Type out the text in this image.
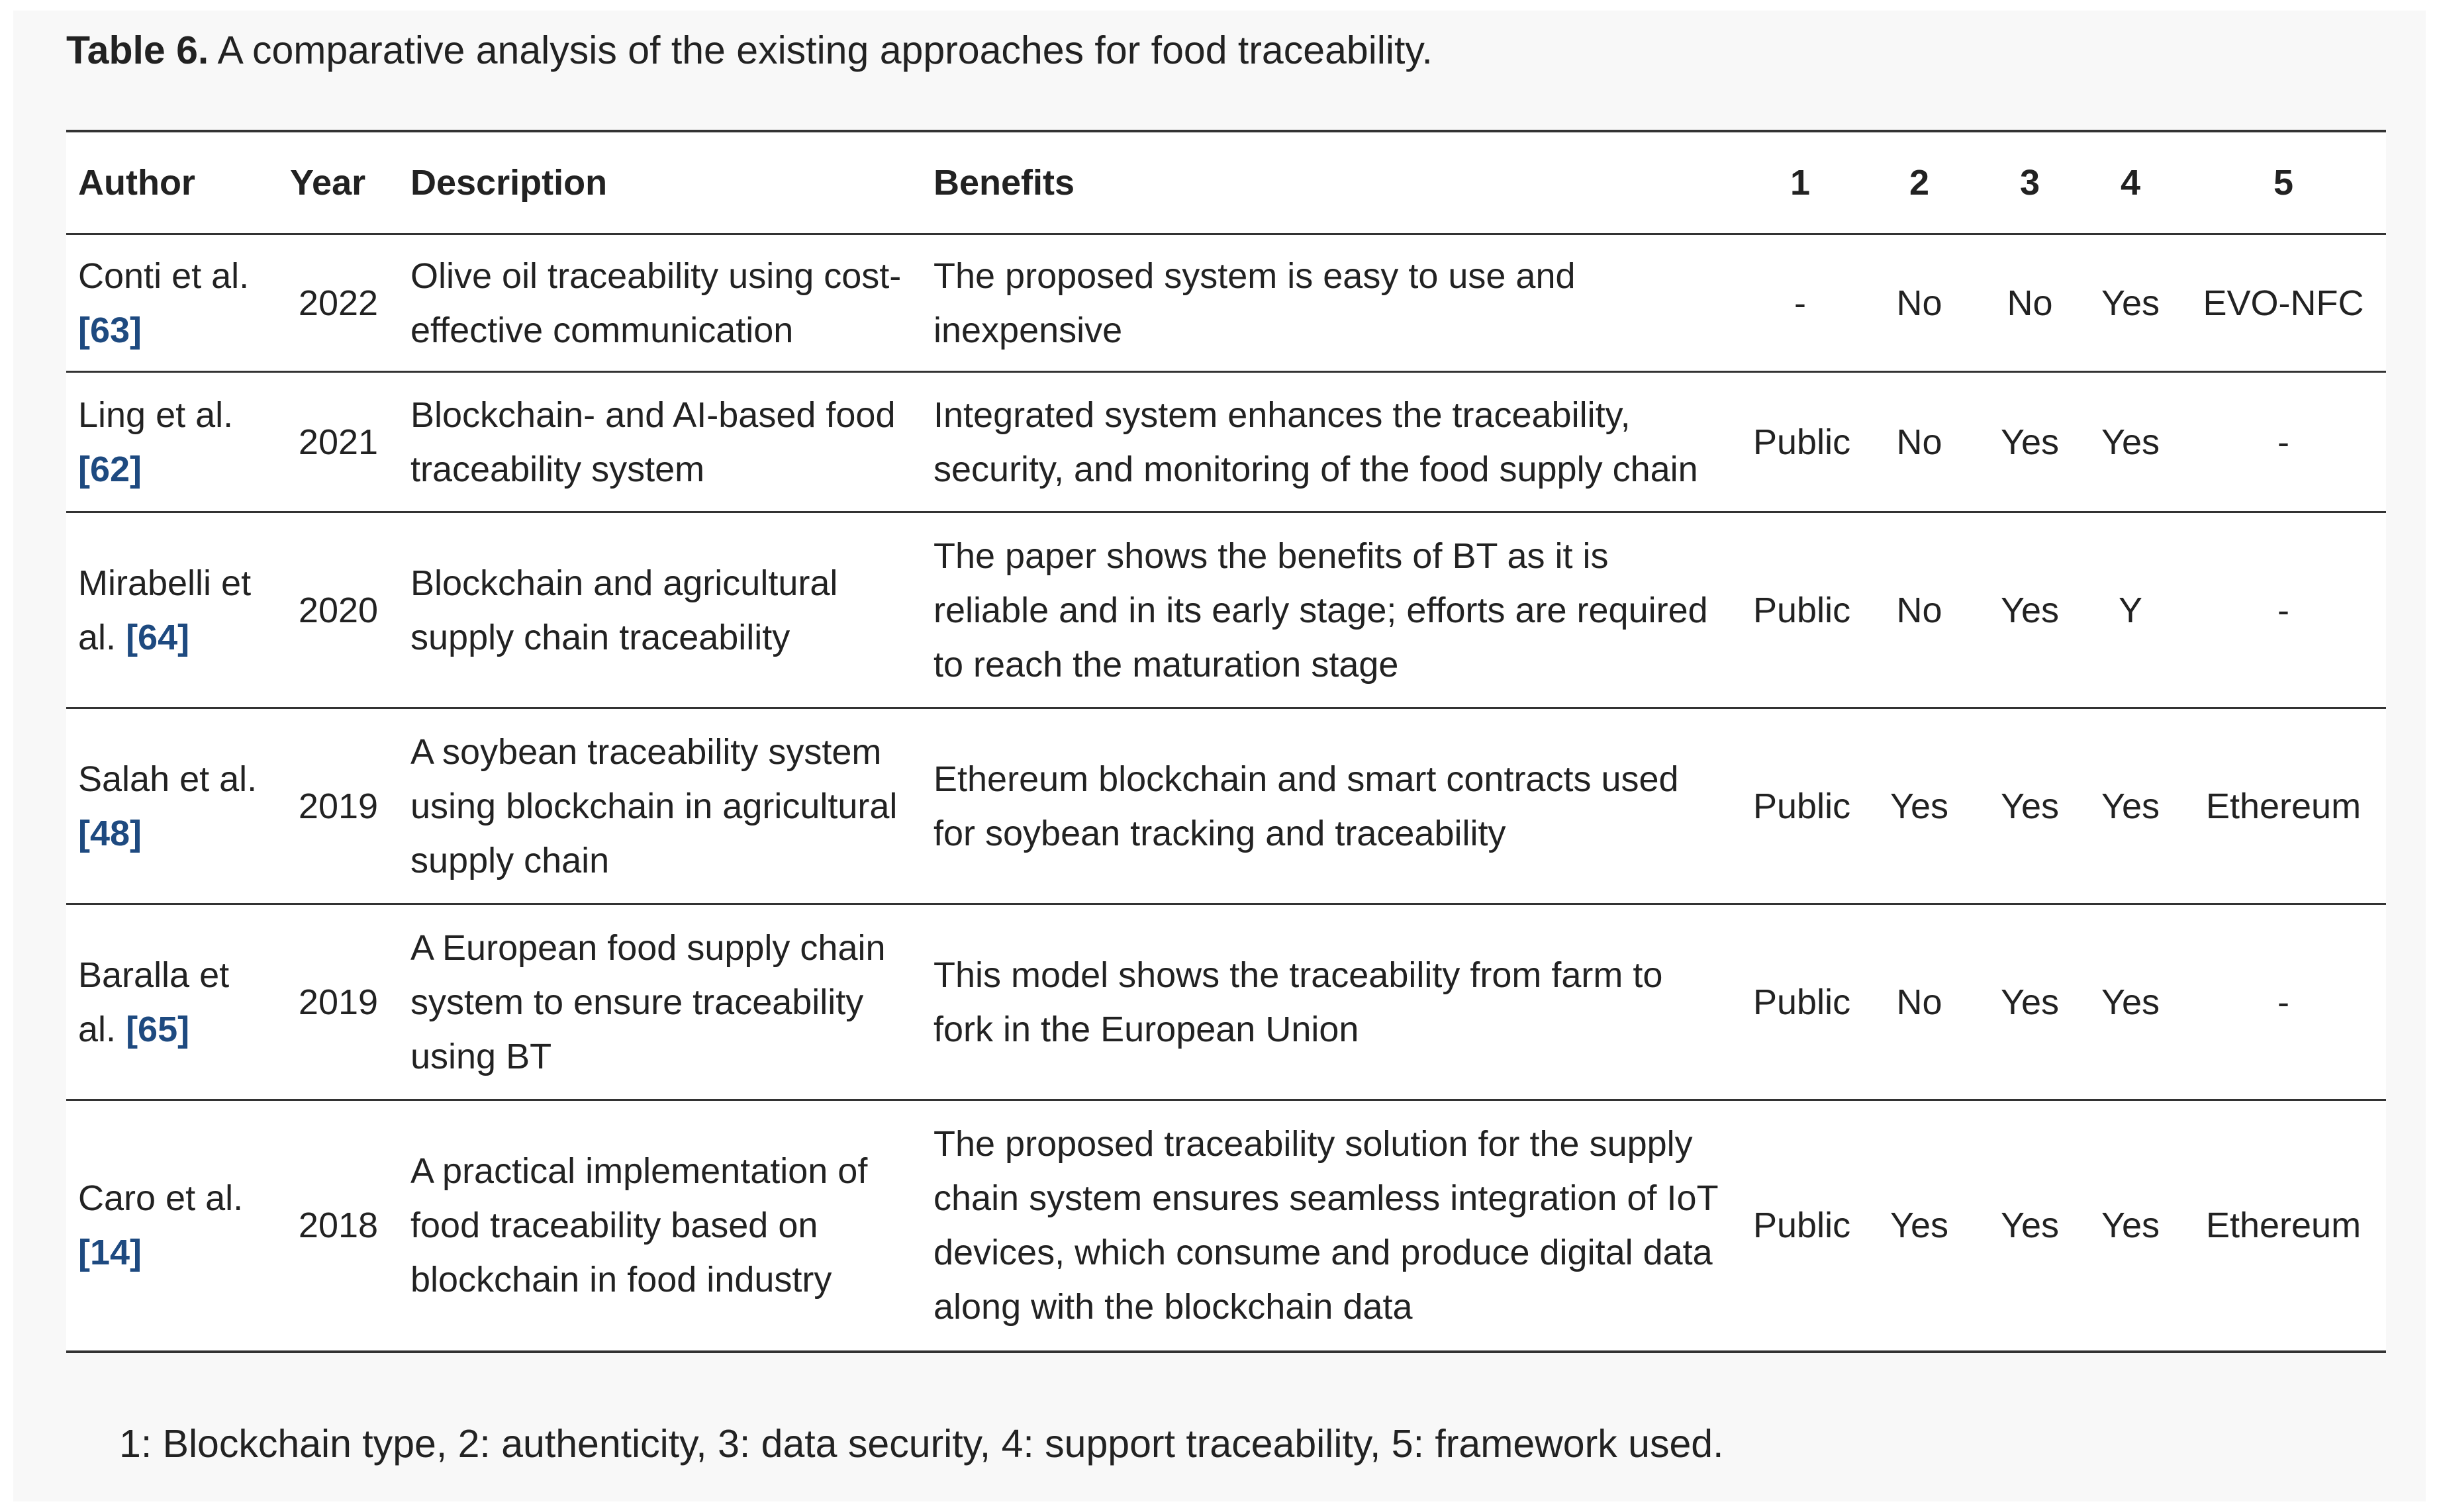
Table 6. A comparative analysis of the existing approaches for food traceability.
Author	Year	Description	Benefits	1	2	3	4	5
Conti et al. [63]	2022	Olive oil traceability using cost-effective communication	The proposed system is easy to use and inexpensive	-	No	No	Yes	EVO-NFC
Ling et al. [62]	2021	Blockchain- and AI-based food traceability system	Integrated system enhances the traceability, security, and monitoring of the food supply chain	Public	No	Yes	Yes	-
Mirabelli et al. [64]	2020	Blockchain and agricultural supply chain traceability	The paper shows the benefits of BT as it is reliable and in its early stage; efforts are required to reach the maturation stage	Public	No	Yes	Y	-
Salah et al. [48]	2019	A soybean traceability system using blockchain in agricultural supply chain	Ethereum blockchain and smart contracts used for soybean tracking and traceability	Public	Yes	Yes	Yes	Ethereum
Baralla et al. [65]	2019	A European food supply chain system to ensure traceability using BT	This model shows the traceability from farm to fork in the European Union	Public	No	Yes	Yes	-
Caro et al. [14]	2018	A practical implementation of food traceability based on blockchain in food industry	The proposed traceability solution for the supply chain system ensures seamless integration of IoT devices, which consume and produce digital data along with the blockchain data	Public	Yes	Yes	Yes	Ethereum
1: Blockchain type, 2: authenticity, 3: data security, 4: support traceability, 5: framework used.
